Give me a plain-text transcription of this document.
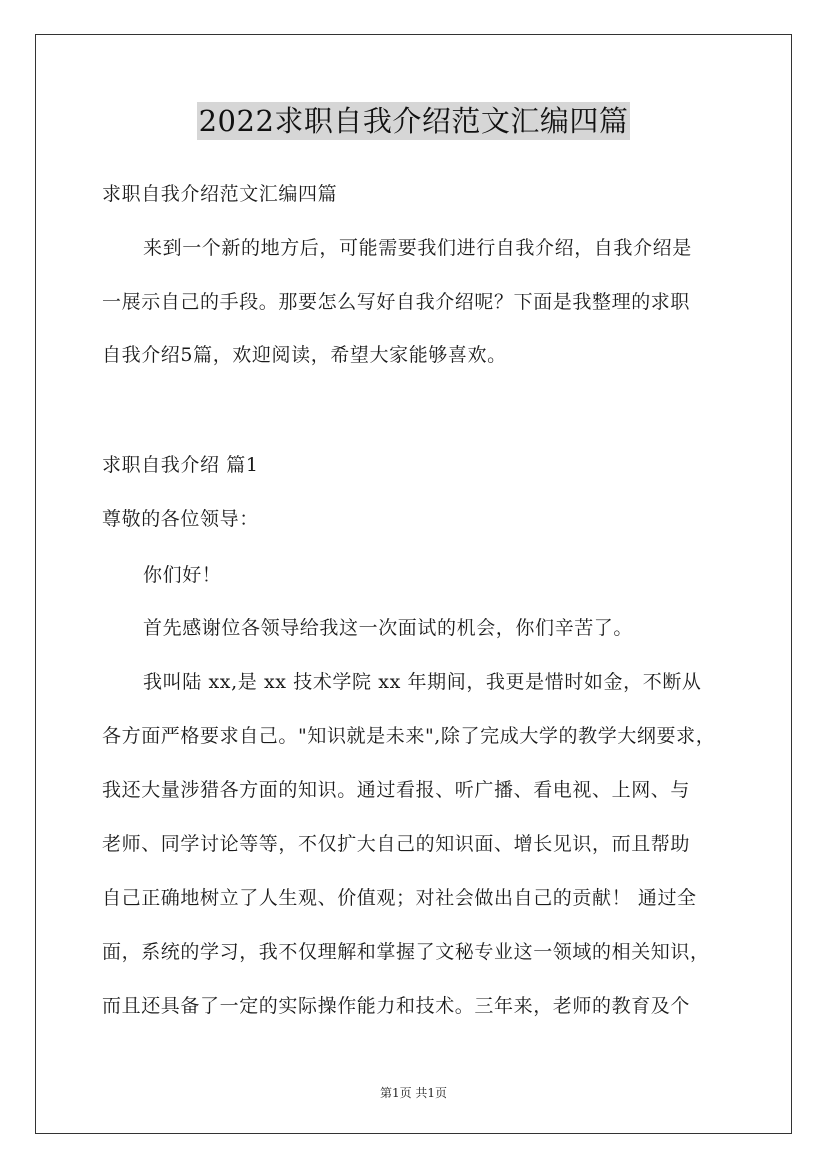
2022求职自我介绍范文汇编四篇
求职自我介绍范文汇编四篇
来到一个新的地方后，可能需要我们进行自我介绍，自我介绍是
一展示自己的手段。那要怎么写好自我介绍呢？下面是我整理的求职
自我介绍5篇，欢迎阅读，希望大家能够喜欢。
求职自我介绍 篇1
尊敬的各位领导：
你们好！
首先感谢位各领导给我这一次面试的机会，你们辛苦了。
我叫陆 xx,是 xx 技术学院 xx 年期间，我更是惜时如金，不断从
各方面严格要求自己。"知识就是未来",除了完成大学的教学大纲要求，
我还大量涉猎各方面的知识。通过看报、听广播、看电视、上网、与
老师、同学讨论等等，不仅扩大自己的知识面、增长见识，而且帮助
自己正确地树立了人生观、价值观；对社会做出自己的贡献！ 通过全
面，系统的学习，我不仅理解和掌握了文秘专业这一领域的相关知识，
而且还具备了一定的实际操作能力和技术。三年来，老师的教育及个
第1页 共1页
